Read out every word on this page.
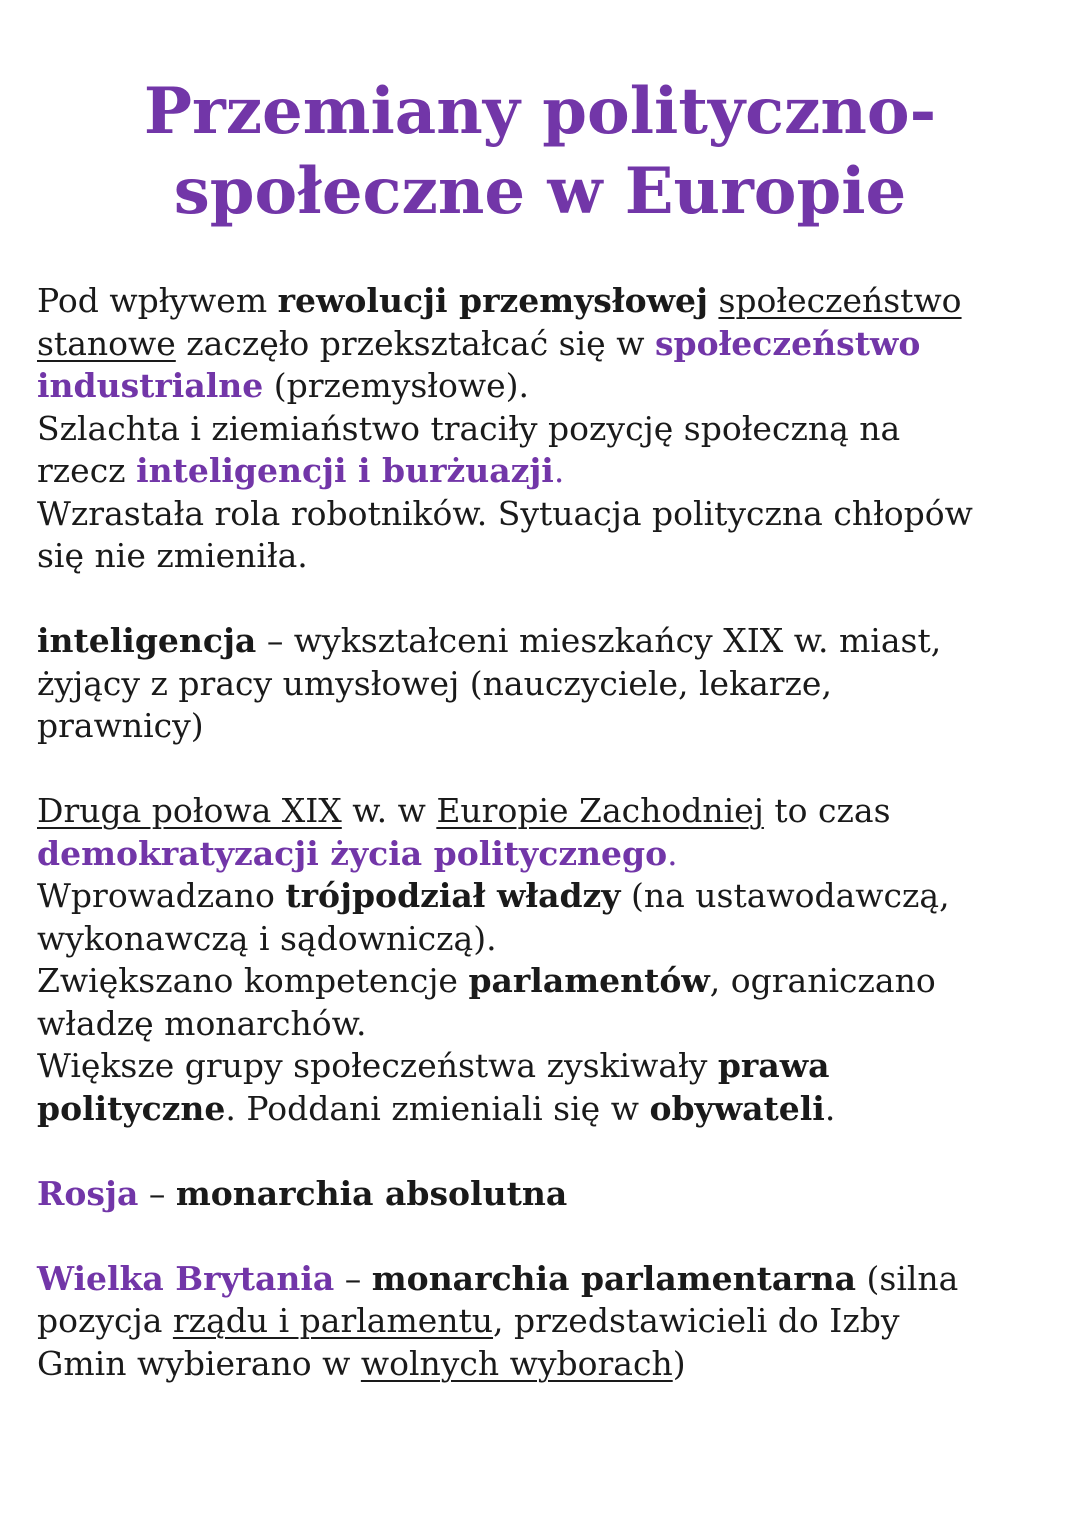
Przemiany polityczno-
społeczne w Europie

Pod wpływem rewolucji przemysłowej społeczeństwo
stanowe zaczęło przekształcać się w społeczeństwo
industrialne (przemysłowe).
Szlachta i ziemiaństwo traciły pozycję społeczną na
rzecz inteligencji i burżuazji.
Wzrastała rola robotników. Sytuacja polityczna chłopów
się nie zmieniła.

inteligencja – wykształceni mieszkańcy XIX w. miast,
żyjący z pracy umysłowej (nauczyciele, lekarze,
prawnicy)

Druga połowa XIX w. w Europie Zachodniej to czas
demokratyzacji życia politycznego.
Wprowadzano trójpodział władzy (na ustawodawczą,
wykonawczą i sądowniczą).
Zwiększano kompetencje parlamentów, ograniczano
władzę monarchów.
Większe grupy społeczeństwa zyskiwały prawa
polityczne. Poddani zmieniali się w obywateli.

Rosja – monarchia absolutna

Wielka Brytania – monarchia parlamentarna (silna
pozycja rządu i parlamentu, przedstawicieli do Izby
Gmin wybierano w wolnych wyborach)
